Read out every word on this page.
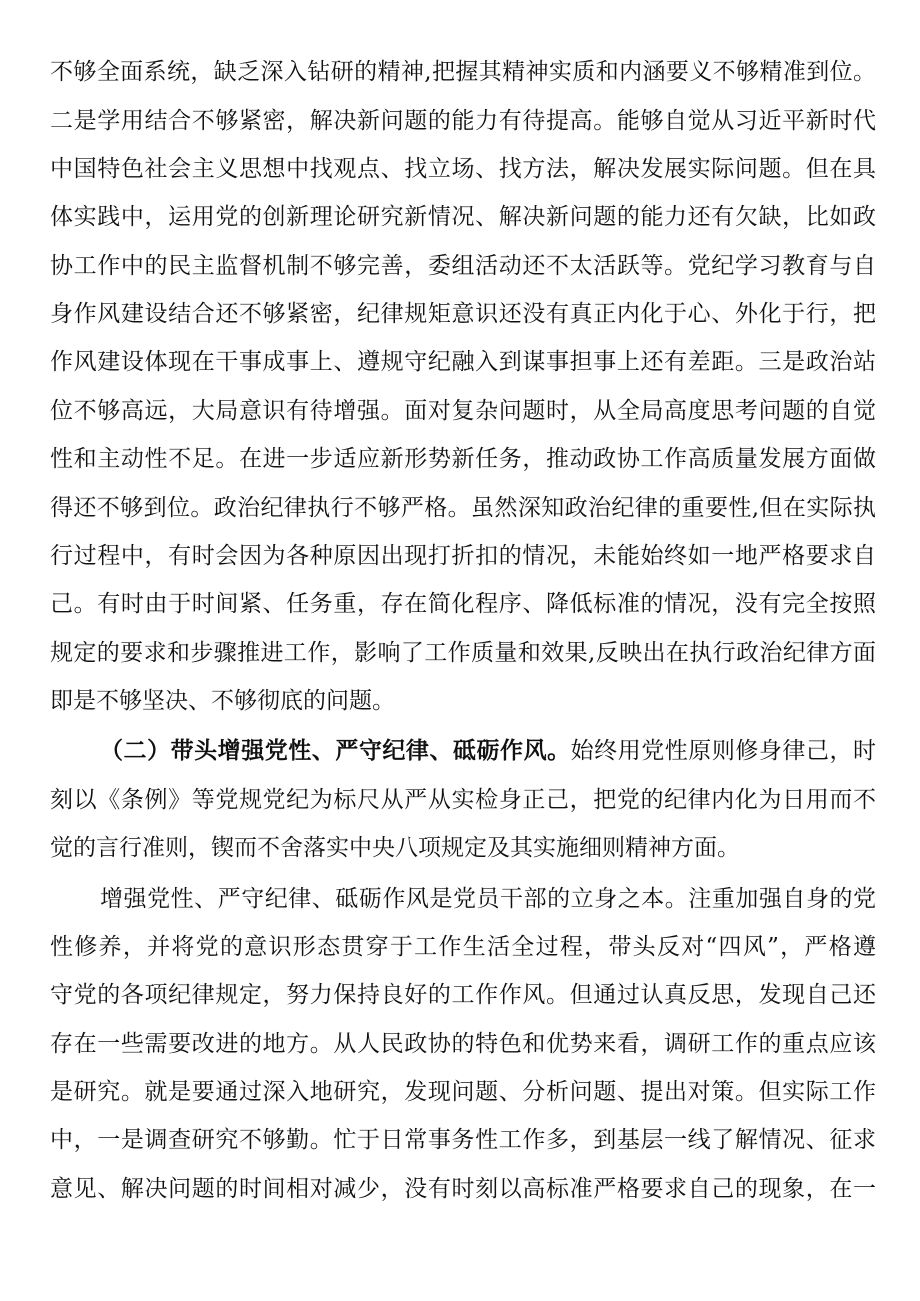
不够全面系统，缺乏深入钻研的精神,把握其精神实质和内涵要义不够精准到位。
二是学用结合不够紧密，解决新问题的能力有待提高。能够自觉从习近平新时代
中国特色社会主义思想中找观点、找立场、找方法，解决发展实际问题。但在具
体实践中，运用党的创新理论研究新情况、解决新问题的能力还有欠缺，比如政
协工作中的民主监督机制不够完善，委组活动还不太活跃等。党纪学习教育与自
身作风建设结合还不够紧密，纪律规矩意识还没有真正内化于心、外化于行，把
作风建设体现在干事成事上、遵规守纪融入到谋事担事上还有差距。三是政治站
位不够高远，大局意识有待增强。面对复杂问题时，从全局高度思考问题的自觉
性和主动性不足。在进一步适应新形势新任务，推动政协工作高质量发展方面做
得还不够到位。政治纪律执行不够严格。虽然深知政治纪律的重要性,但在实际执
行过程中，有时会因为各种原因出现打折扣的情况，未能始终如一地严格要求自
己。有时由于时间紧、任务重，存在简化程序、降低标准的情况，没有完全按照
规定的要求和步骤推进工作，影响了工作质量和效果,反映出在执行政治纪律方面
即是不够坚决、不够彻底的问题。
（二）带头增强党性、严守纪律、砥砺作风。始终用党性原则修身律己，时
刻以《条例》等党规党纪为标尺从严从实检身正己，把党的纪律内化为日用而不
觉的言行准则，锲而不舍落实中央八项规定及其实施细则精神方面。
增强党性、严守纪律、砥砺作风是党员干部的立身之本。注重加强自身的党
性修养，并将党的意识形态贯穿于工作生活全过程，带头反对“四风”，严格遵
守党的各项纪律规定，努力保持良好的工作作风。但通过认真反思，发现自己还
存在一些需要改进的地方。从人民政协的特色和优势来看，调研工作的重点应该
是研究。就是要通过深入地研究，发现问题、分析问题、提出对策。但实际工作
中，一是调查研究不够勤。忙于日常事务性工作多，到基层一线了解情况、征求
意见、解决问题的时间相对减少，没有时刻以高标准严格要求自己的现象，在一
